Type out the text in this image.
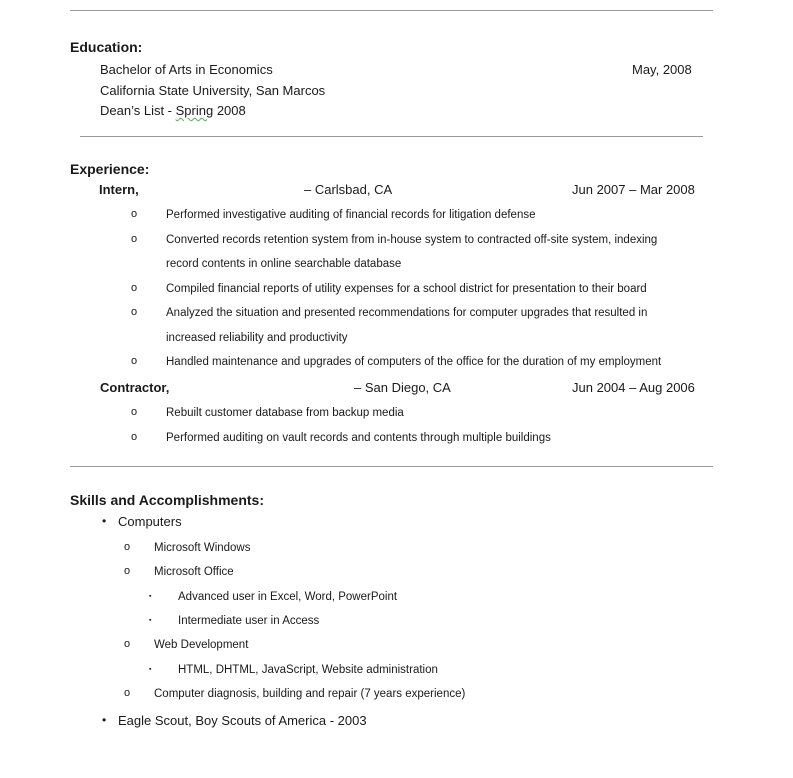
Education:
Bachelor of Arts in Economics	May, 2008
California State University, San Marcos
Dean’s List - Spring 2008
Experience:
Intern,	– Carlsbad, CA	Jun 2007 – Mar 2008
o	Performed investigative auditing of financial records for litigation defense
o	Converted records retention system from in-house system to contracted off-site system, indexing
record contents in online searchable database
o	Compiled financial reports of utility expenses for a school district for presentation to their board
o	Analyzed the situation and presented recommendations for computer upgrades that resulted in
increased reliability and productivity
o	Handled maintenance and upgrades of computers of the office for the duration of my employment
Contractor,	– San Diego, CA	Jun 2004 – Aug 2006
o	Rebuilt customer database from backup media
o	Performed auditing on vault records and contents through multiple buildings
Skills and Accomplishments:
• Computers
o Microsoft Windows
o Microsoft Office
▪ Advanced user in Excel, Word, PowerPoint
▪ Intermediate user in Access
o Web Development
▪ HTML, DHTML, JavaScript, Website administration
o Computer diagnosis, building and repair (7 years experience)
• Eagle Scout, Boy Scouts of America - 2003
